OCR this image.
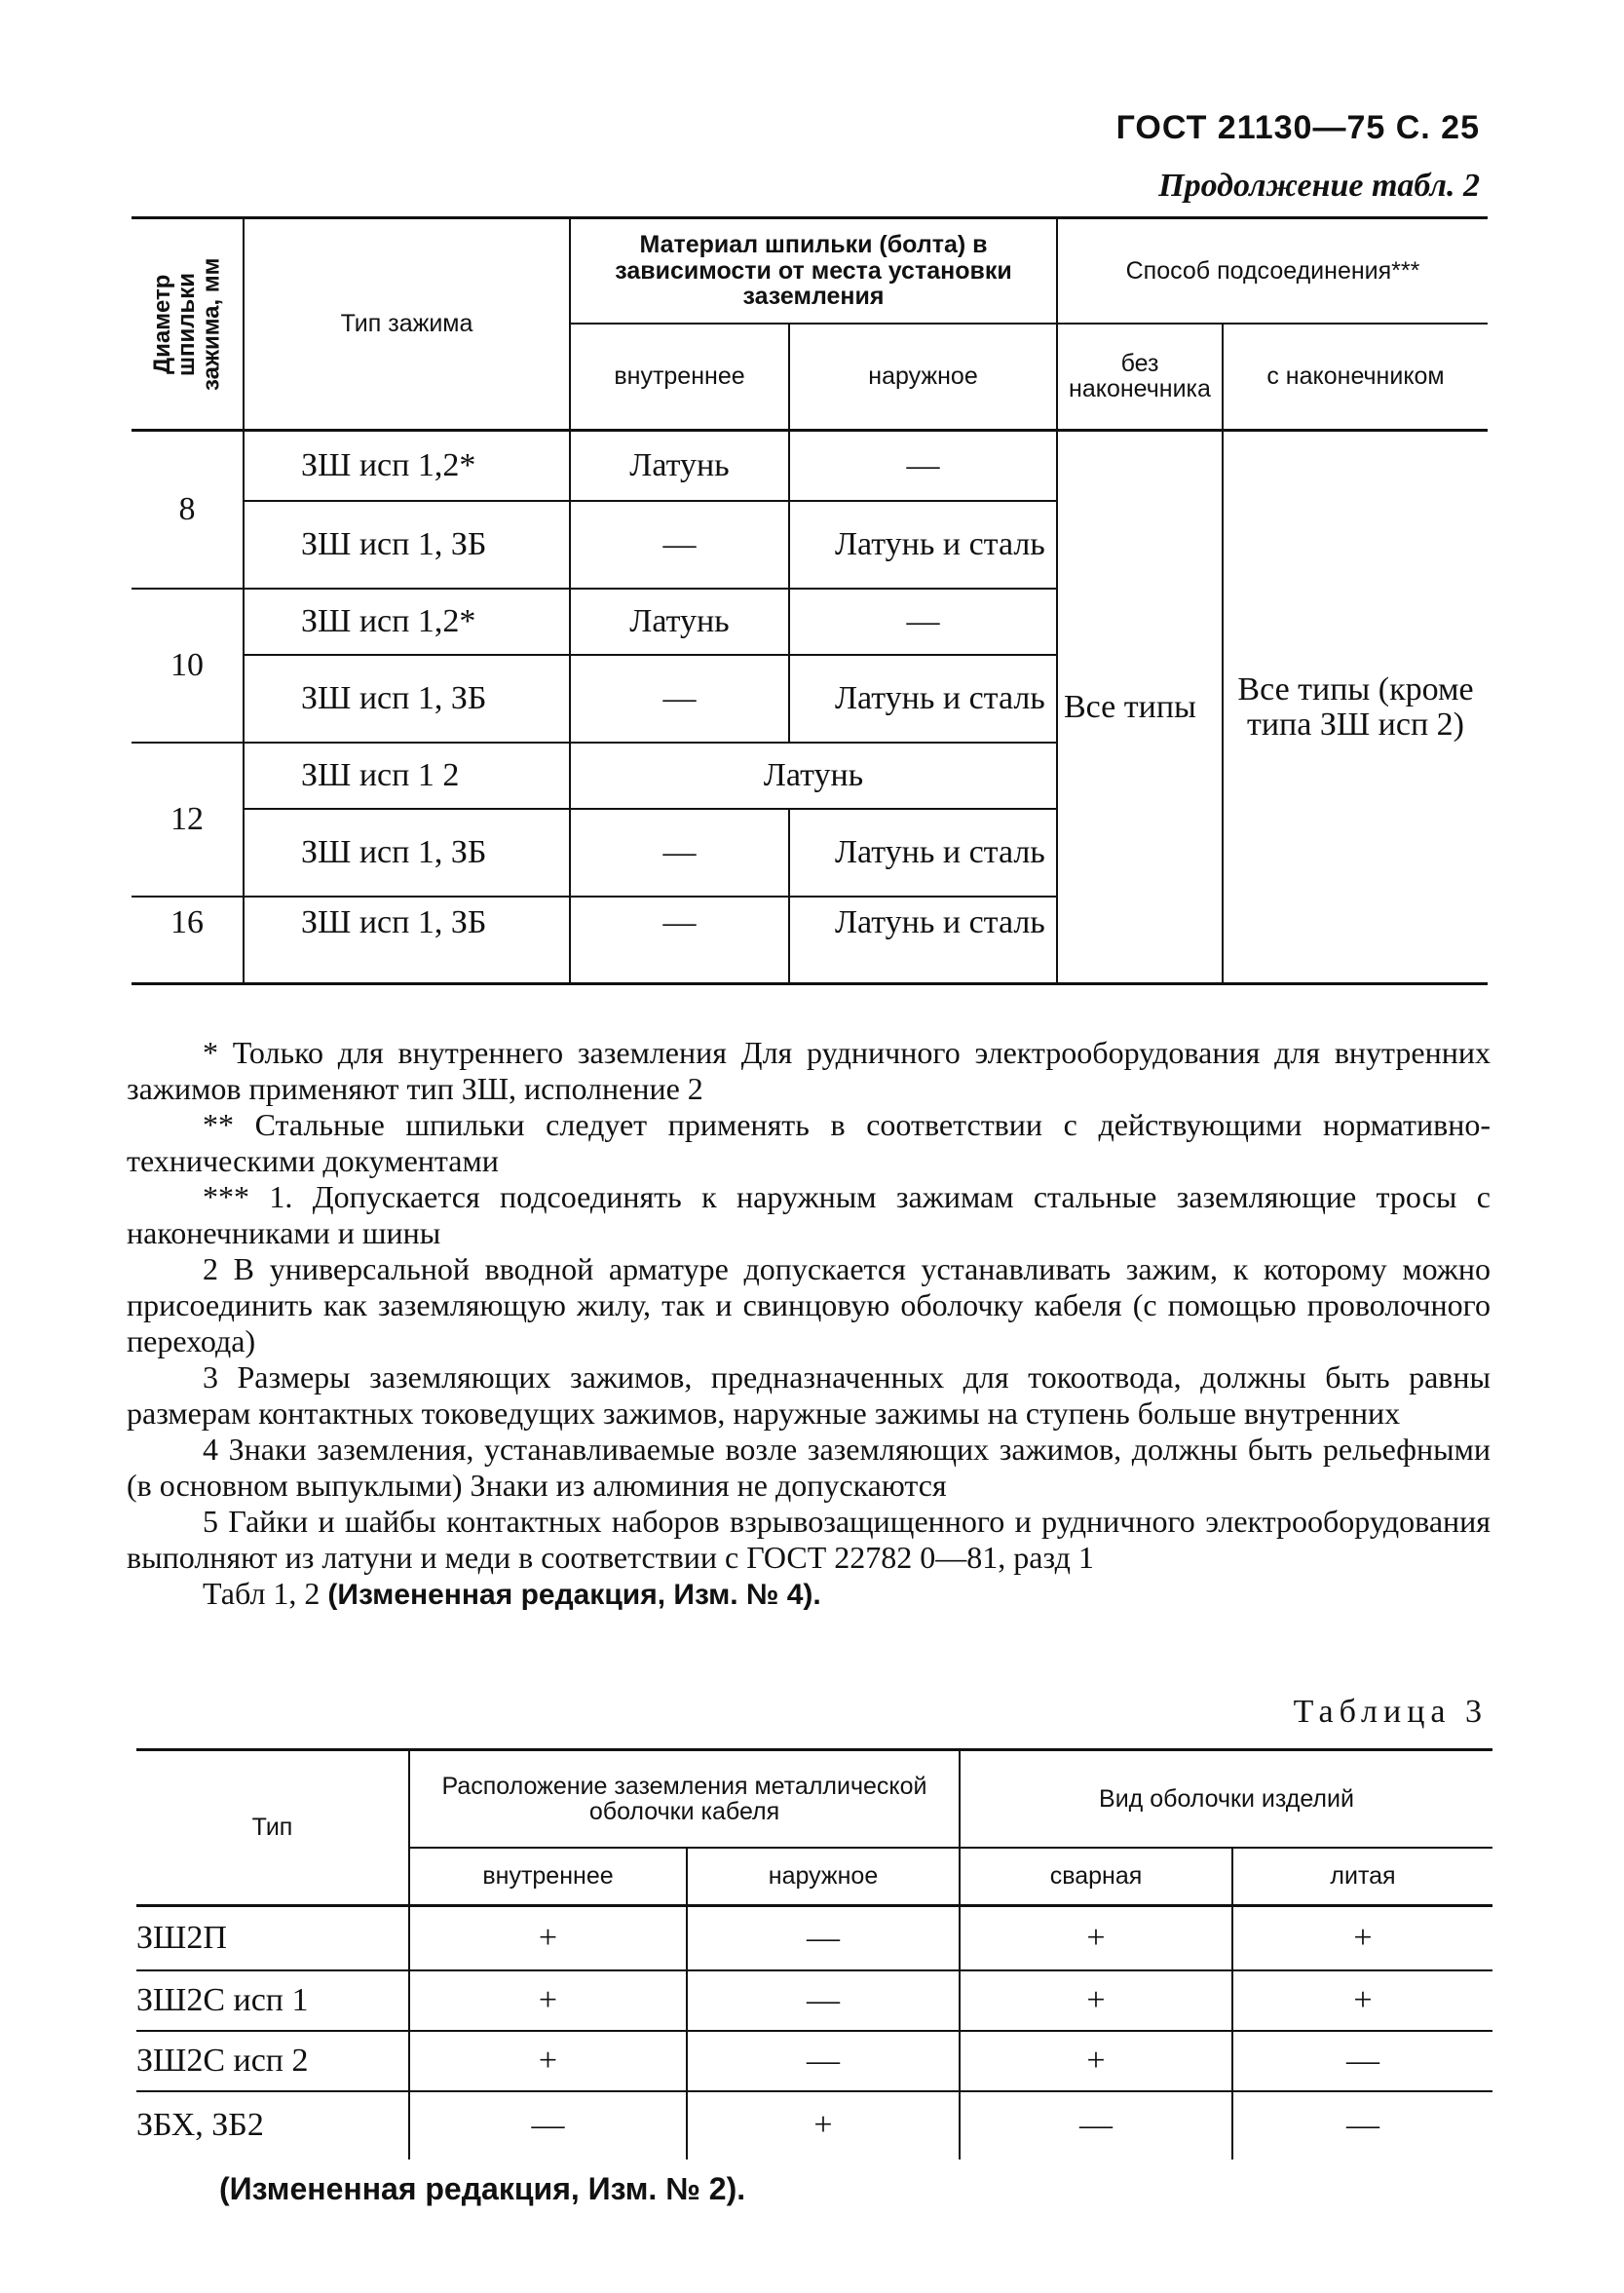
ГОСТ 21130—75 С. 25
Продолжение табл. 2
Диаметр шпильки зажима, мм	Тип зажима	Материал шпильки (болта) в зависимости от места установки заземления		Способ подсоединения***	
		внутреннее	наружное	без наконечника	с наконечником
8	ЗШ исп 1,2*	Латунь	—	Все типы	Все типы (кроме типа ЗШ исп 2)
	ЗШ исп 1, ЗБ	—	Латунь и сталь		
10	ЗШ исп 1,2*	Латунь	—		
	ЗШ исп 1, ЗБ	—	Латунь и сталь		
12	ЗШ исп 1 2	Латунь			
	ЗШ исп 1, ЗБ	—	Латунь и сталь		
16	ЗШ исп 1, ЗБ	—	Латунь и сталь		

* Только для внутреннего заземления Для рудничного электрооборудования для внутренних зажимов применяют тип ЗШ, исполнение 2

** Стальные шпильки следует применять в соответствии с действующими нормативно-техническими документами

*** 1. Допускается подсоединять к наружным зажимам стальные заземляющие тросы с наконечниками и шины

2 В универсальной вводной арматуре допускается устанавливать зажим, к которому можно присоединить как заземляющую жилу, так и свинцовую оболочку кабеля (с помощью проволочного перехода)

3 Размеры заземляющих зажимов, предназначенных для токоотвода, должны быть равны размерам контактных токоведущих зажимов, наружные зажимы на ступень больше внутренних

4 Знаки заземления, устанавливаемые возле заземляющих зажимов, должны быть рельефными (в основном выпуклыми) Знаки из алюминия не допускаются

5 Гайки и шайбы контактных наборов взрывозащищенного и рудничного электрооборудования выполняют из латуни и меди в соответствии с ГОСТ 22782 0—81, разд 1

Табл 1, 2 (Измененная редакция, Изм. № 4).

Таблица 3
Тип	Расположение заземления металлической оболочки кабеля		Вид оболочки изделий	
	внутреннее	наружное	сварная	литая
ЗШ2П	+	—	+	+
ЗШ2С исп 1	+	—	+	+
ЗШ2С исп 2	+	—	+	—
ЗБХ, ЗБ2	—	+	—	—
(Измененная редакция, Изм. № 2).
